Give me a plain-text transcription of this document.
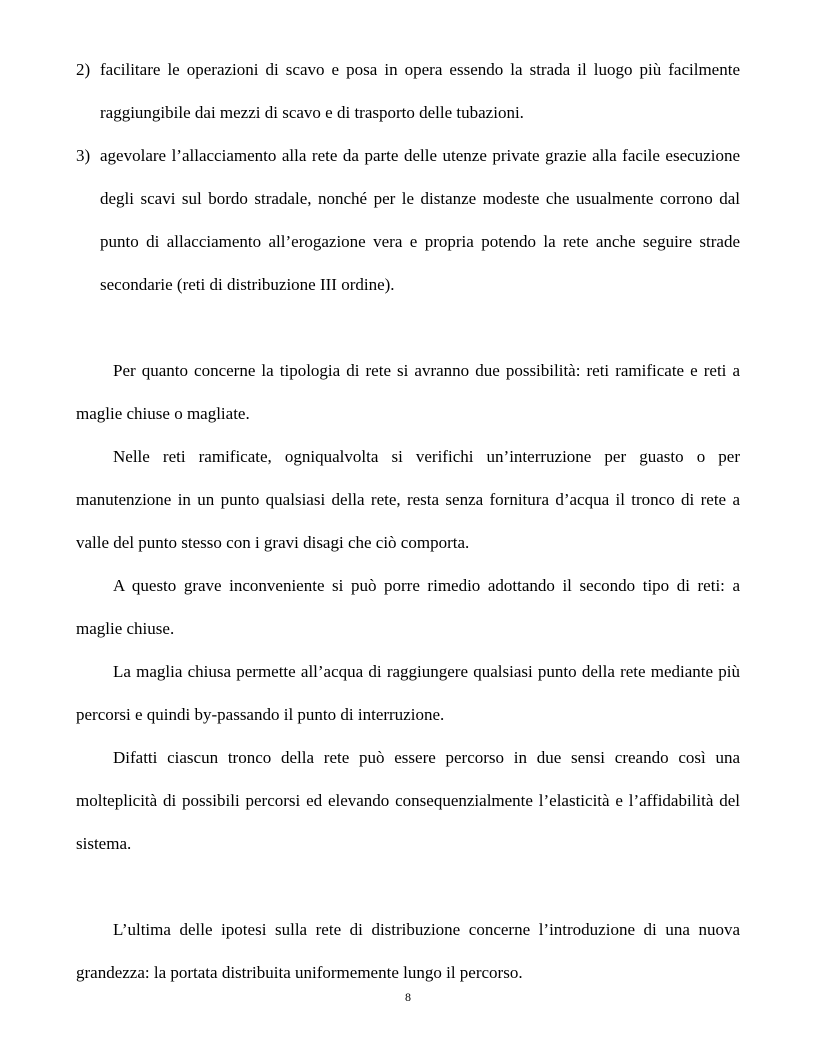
2) facilitare le operazioni di scavo e posa in opera essendo la strada il luogo più facilmente raggiungibile dai mezzi di scavo e di trasporto delle tubazioni.
3) agevolare l’allacciamento alla rete da parte delle utenze private grazie alla facile esecuzione degli scavi sul bordo stradale, nonché per le distanze modeste che usualmente corrono dal punto di allacciamento all’erogazione vera e propria potendo la rete anche seguire strade secondarie (reti di distribuzione III ordine).

Per quanto concerne la tipologia di rete si avranno due possibilità: reti ramificate e reti a maglie chiuse o magliate.

Nelle reti ramificate, ogniqualvolta si verifichi un’interruzione per guasto o per manutenzione in un punto qualsiasi della rete, resta senza fornitura d’acqua il tronco di rete a valle del punto stesso con i gravi disagi che ciò comporta.

A questo grave inconveniente si può porre rimedio adottando il secondo tipo di reti: a maglie chiuse.

La maglia chiusa permette all’acqua di raggiungere qualsiasi punto della rete mediante più percorsi e quindi by-passando il punto di interruzione.

Difatti ciascun tronco della rete può essere percorso in due sensi creando così una molteplicità di possibili percorsi ed elevando consequenzialmente l’elasticità e l’affidabilità del sistema.

L’ultima delle ipotesi sulla rete di distribuzione concerne l’introduzione di una nuova grandezza: la portata distribuita uniformemente lungo il percorso.

8
